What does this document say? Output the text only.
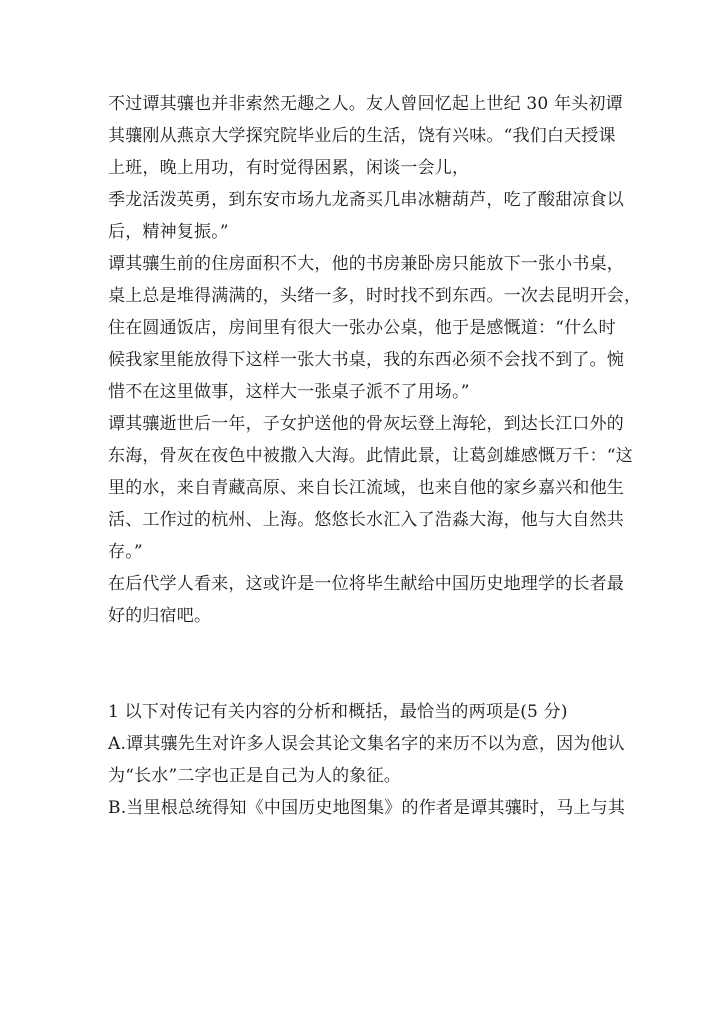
不过谭其骧也并非索然无趣之人。友人曾回忆起上世纪 30 年头初谭
其骧刚从燕京大学探究院毕业后的生活，饶有兴味。“我们白天授课
上班，晚上用功，有时觉得困累，闲谈一会儿，
季龙活泼英勇，到东安市场九龙斋买几串冰糖葫芦，吃了酸甜凉食以
后，精神复振。”
谭其骧生前的住房面积不大，他的书房兼卧房只能放下一张小书桌，
桌上总是堆得满满的，头绪一多，时时找不到东西。一次去昆明开会，
住在圆通饭店，房间里有很大一张办公桌，他于是感慨道：“什么时
候我家里能放得下这样一张大书桌，我的东西必须不会找不到了。惋
惜不在这里做事，这样大一张桌子派不了用场。”
谭其骧逝世后一年，子女护送他的骨灰坛登上海轮，到达长江口外的
东海，骨灰在夜色中被撒入大海。此情此景，让葛剑雄感慨万千：“这
里的水，来自青藏高原、来自长江流域，也来自他的家乡嘉兴和他生
活、工作过的杭州、上海。悠悠长水汇入了浩淼大海，他与大自然共
存。”
在后代学人看来，这或许是一位将毕生献给中国历史地理学的长者最
好的归宿吧。
1 以下对传记有关内容的分析和概括，最恰当的两项是(5 分)
A.谭其骧先生对许多人误会其论文集名字的来历不以为意，因为他认
为“长水”二字也正是自己为人的象征。
B.当里根总统得知《中国历史地图集》的作者是谭其骧时，马上与其
